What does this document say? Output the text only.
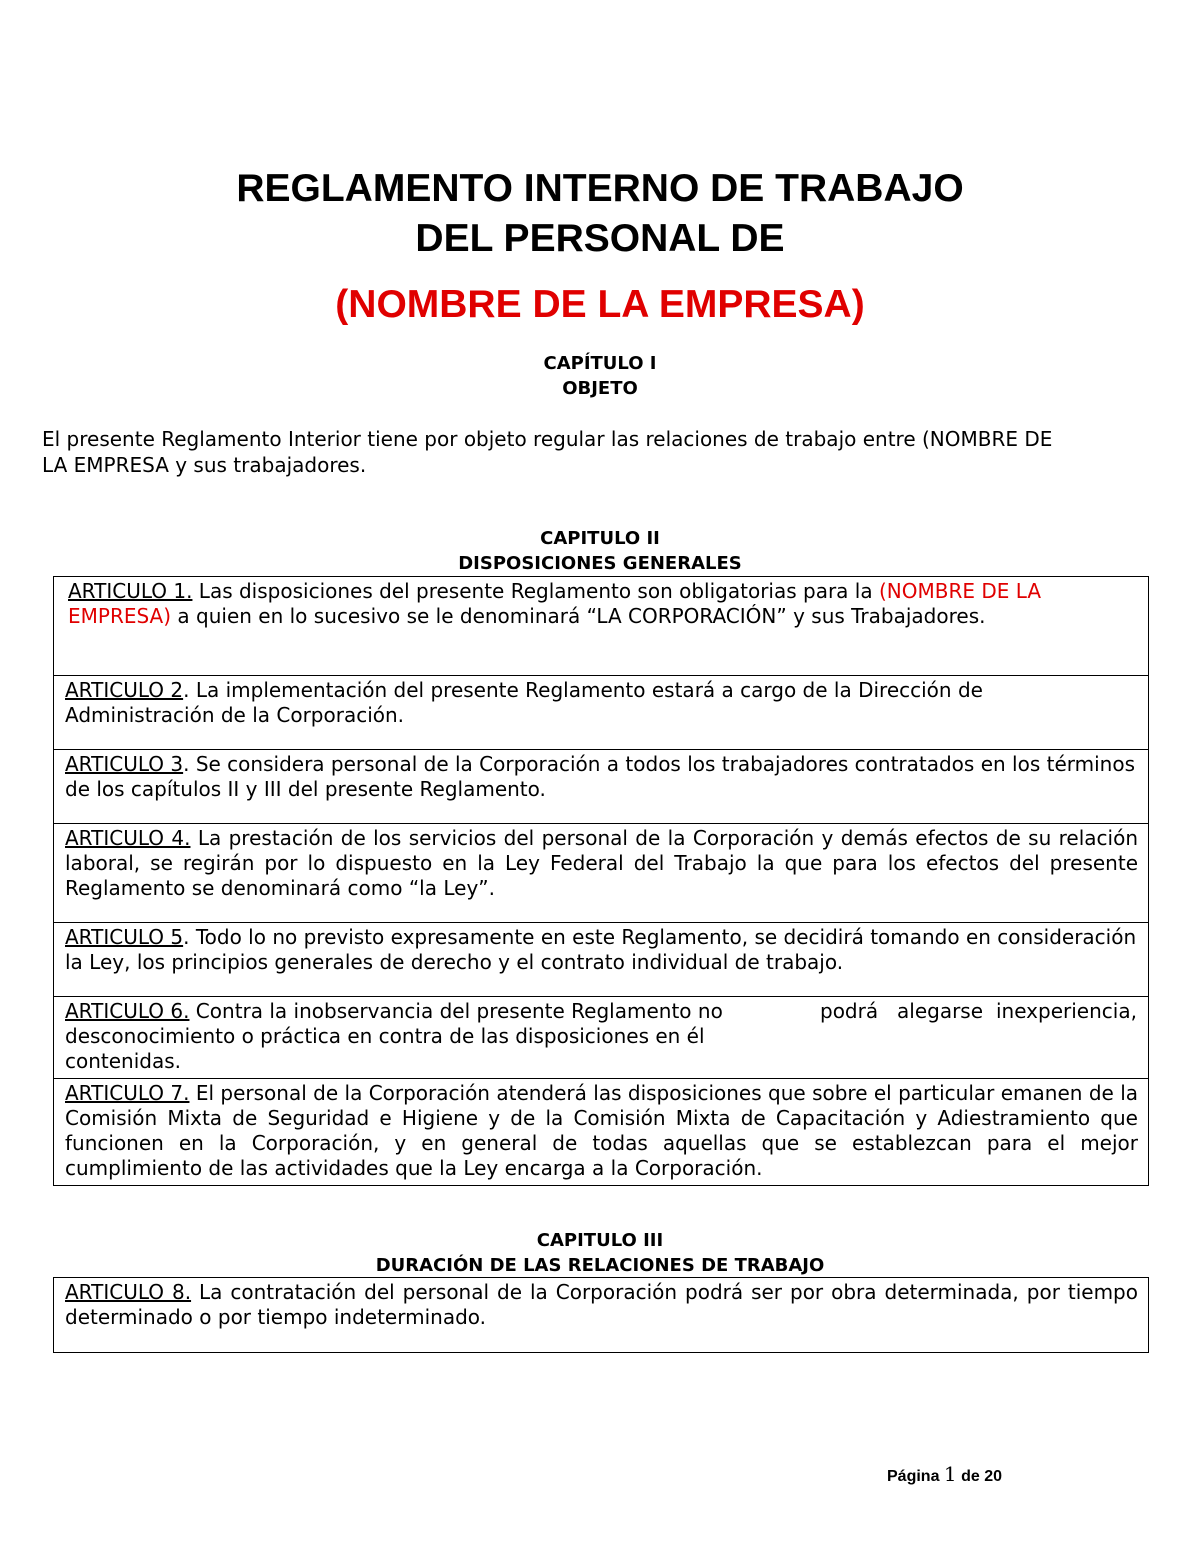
REGLAMENTO INTERNO DE TRABAJO
DEL PERSONAL DE
(NOMBRE DE LA EMPRESA)
CAPÍTULO I
OBJETO
El presente Reglamento Interior tiene por objeto regular las relaciones de trabajo entre (NOMBRE DE
LA EMPRESA y sus trabajadores.
CAPITULO II
DISPOSICIONES GENERALES
ARTICULO 1. Las disposiciones del presente Reglamento son obligatorias para la (NOMBRE DE LA EMPRESA) a quien en lo sucesivo se le denominará “LA CORPORACIÓN” y sus Trabajadores.
ARTICULO 2. La implementación del presente Reglamento estará a cargo de la Dirección de Administración de la Corporación.
ARTICULO 3. Se considera personal de la Corporación a todos los trabajadores contratados en los términos de los capítulos II y III del presente Reglamento.
ARTICULO 4. La prestación de los servicios del personal de la Corporación y demás efectos de su relación laboral, se regirán por lo dispuesto en la Ley Federal del Trabajo la que para los efectos del presente Reglamento se denominará como “la Ley”.
ARTICULO 5. Todo lo no previsto expresamente en este Reglamento, se decidirá tomando en consideración la Ley, los principios generales de derecho y el contrato individual de trabajo.

ARTICULO 6. Contra la inobservancia del presente Reglamento no desconocimiento o práctica en contra de las disposiciones en él contenidas.
podrá alegarse inexperiencia,

ARTICULO 7. El personal de la Corporación atenderá las disposiciones que sobre el particular emanen de la Comisión Mixta de Seguridad e Higiene y de la Comisión Mixta de Capacitación y Adiestramiento que funcionen en la Corporación, y en general de todas aquellas que se establezcan para el mejor cumplimiento de las actividades que la Ley encarga a la Corporación.
CAPITULO III
DURACIÓN DE LAS RELACIONES DE TRABAJO
ARTICULO 8. La contratación del personal de la Corporación podrá ser por obra determinada, por tiempo determinado o por tiempo indeterminado.
Página 1 de 20
